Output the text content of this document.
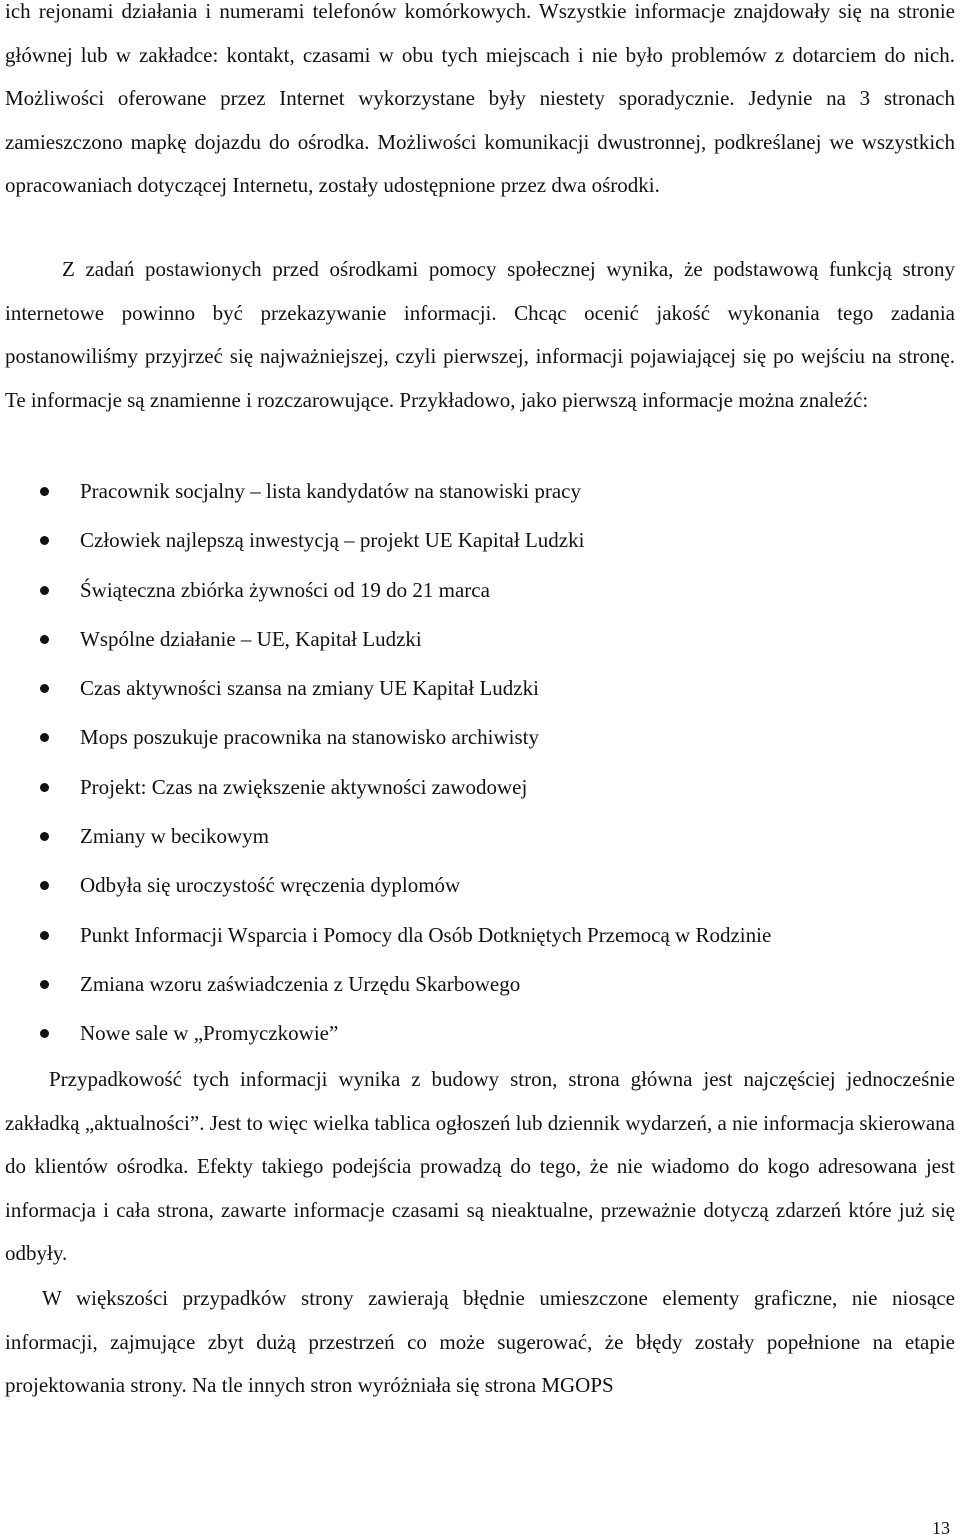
ich rejonami działania i numerami telefonów komórkowych. Wszystkie informacje znajdowały się na stronie głównej lub w zakładce: kontakt, czasami w obu tych miejscach i nie było problemów z dotarciem do nich. Możliwości oferowane przez Internet wykorzystane były niestety sporadycznie. Jedynie na 3 stronach zamieszczono mapkę dojazdu do ośrodka. Możliwości komunikacji dwustronnej, podkreślanej we wszystkich opracowaniach dotyczącej Internetu, zostały udostępnione przez dwa ośrodki.

Z zadań postawionych przed ośrodkami pomocy społecznej wynika, że podstawową funkcją strony internetowe powinno być przekazywanie informacji. Chcąc ocenić jakość wykonania tego zadania postanowiliśmy przyjrzeć się najważniejszej, czyli pierwszej, informacji pojawiającej się po wejściu na stronę. Te informacje są znamienne i rozczarowujące. Przykładowo, jako pierwszą informacje można znaleźć:

Pracownik socjalny – lista kandydatów na stanowiski pracy
Człowiek najlepszą inwestycją – projekt UE Kapitał Ludzki
Świąteczna zbiórka żywności od 19 do 21 marca
Wspólne działanie – UE, Kapitał Ludzki
Czas aktywności szansa na zmiany UE Kapitał Ludzki
Mops poszukuje pracownika na stanowisko archiwisty
Projekt: Czas na zwiększenie aktywności zawodowej
Zmiany w becikowym
Odbyła się uroczystość wręczenia dyplomów
Punkt Informacji Wsparcia i Pomocy dla Osób Dotkniętych Przemocą w Rodzinie
Zmiana wzoru zaświadczenia z Urzędu Skarbowego
Nowe sale w „Promyczkowie”

Przypadkowość tych informacji wynika z budowy stron, strona główna jest najczęściej jednocześnie zakładką „aktualności”. Jest to więc wielka tablica ogłoszeń lub dziennik wydarzeń, a nie informacja skierowana do klientów ośrodka. Efekty takiego podejścia prowadzą do tego, że nie wiadomo do kogo adresowana jest informacja i cała strona, zawarte informacje czasami są nieaktualne, przeważnie dotyczą zdarzeń które już się odbyły.

W większości przypadków strony zawierają błędnie umieszczone elementy graficzne, nie niosące informacji, zajmujące zbyt dużą przestrzeń co może sugerować, że błędy zostały popełnione na etapie projektowania strony. Na tle innych stron wyróżniała się strona MGOPS

13
